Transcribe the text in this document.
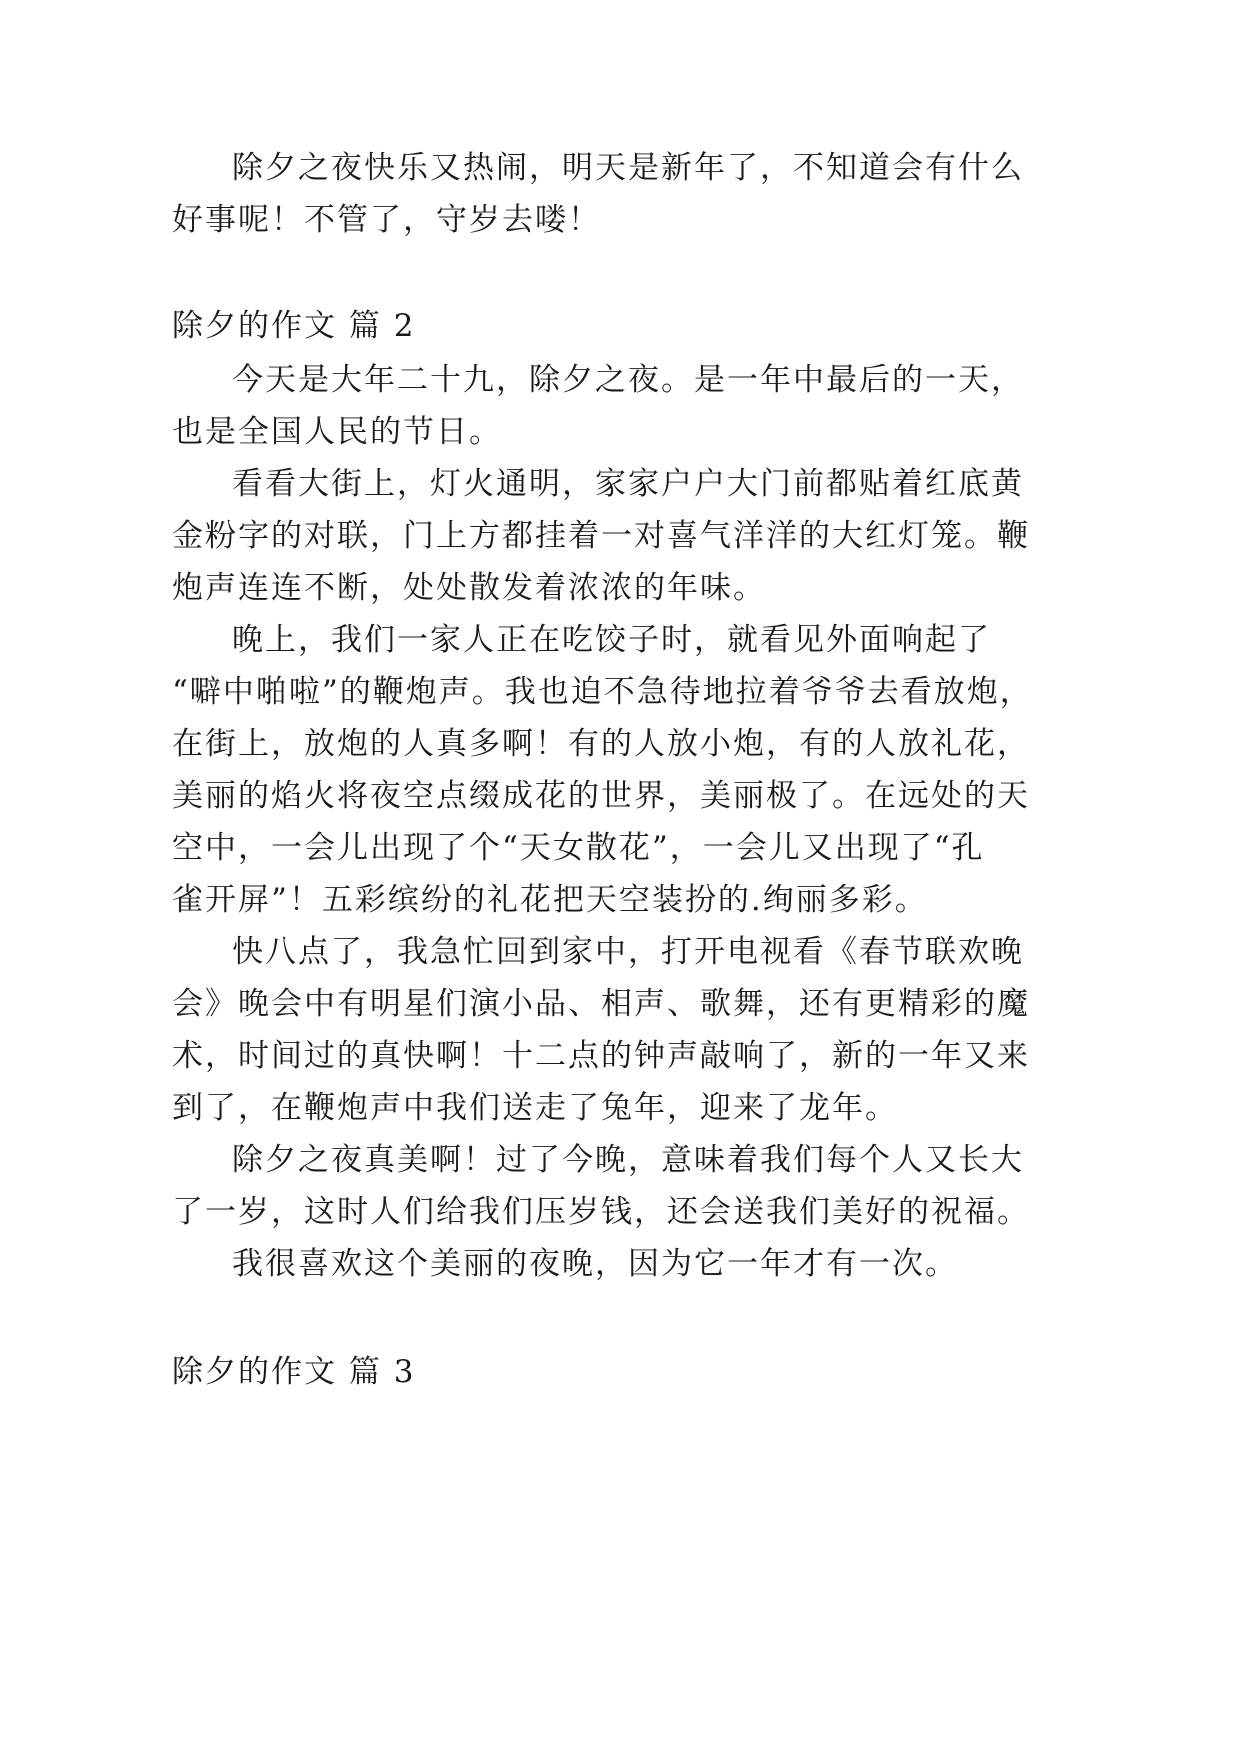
除夕之夜快乐又热闹，明天是新年了，不知道会有什么
好事呢！不管了，守岁去喽！
除夕的作文 篇 2
今天是大年二十九，除夕之夜。是一年中最后的一天，
也是全国人民的节日。
看看大街上，灯火通明，家家户户大门前都贴着红底黄
金粉字的对联，门上方都挂着一对喜气洋洋的大红灯笼。鞭
炮声连连不断，处处散发着浓浓的年味。
晚上，我们一家人正在吃饺子时，就看见外面响起了
“噼中啪啦”的鞭炮声。我也迫不急待地拉着爷爷去看放炮，
在街上，放炮的人真多啊！有的人放小炮，有的人放礼花，
美丽的焰火将夜空点缀成花的世界，美丽极了。在远处的天
空中，一会儿出现了个“天女散花”，一会儿又出现了“孔
雀开屏”！五彩缤纷的礼花把天空装扮的.绚丽多彩。
快八点了，我急忙回到家中，打开电视看《春节联欢晚
会》晚会中有明星们演小品、相声、歌舞，还有更精彩的魔
术，时间过的真快啊！十二点的钟声敲响了，新的一年又来
到了，在鞭炮声中我们送走了兔年，迎来了龙年。
除夕之夜真美啊！过了今晚，意味着我们每个人又长大
了一岁，这时人们给我们压岁钱，还会送我们美好的祝福。
我很喜欢这个美丽的夜晚，因为它一年才有一次。
除夕的作文 篇 3
